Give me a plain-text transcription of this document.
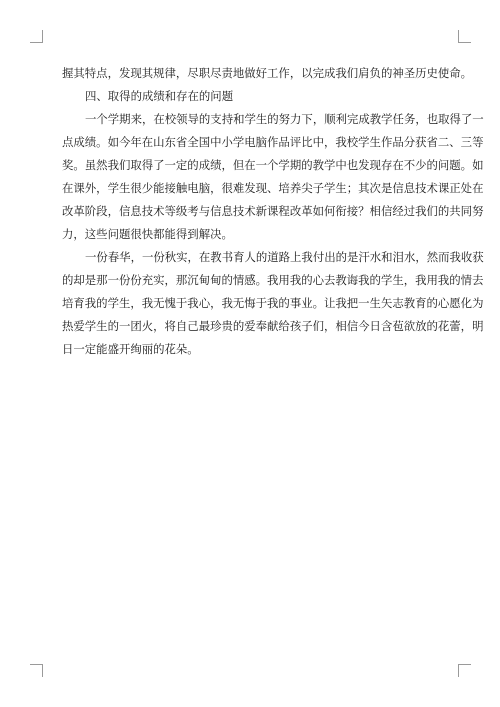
握其特点，发现其规律，尽职尽责地做好工作，以完成我们肩负的神圣历史使命。
四、取得的成绩和存在的问题
一个学期来，在校领导的支持和学生的努力下，顺利完成教学任务，也取得了一
点成绩。如今年在山东省全国中小学电脑作品评比中，我校学生作品分获省二、三等
奖。虽然我们取得了一定的成绩，但在一个学期的教学中也发现存在不少的问题。如
在课外，学生很少能接触电脑，很难发现、培养尖子学生；其次是信息技术课正处在
改革阶段，信息技术等级考与信息技术新课程改革如何衔接？相信经过我们的共同努
力，这些问题很快都能得到解决。
一份春华，一份秋实，在教书育人的道路上我付出的是汗水和泪水，然而我收获
的却是那一份份充实，那沉甸甸的情感。我用我的心去教诲我的学生，我用我的情去
培育我的学生，我无愧于我心，我无悔于我的事业。让我把一生矢志教育的心愿化为
热爱学生的一团火，将自己最珍贵的爱奉献给孩子们，相信今日含苞欲放的花蕾，明
日一定能盛开绚丽的花朵。
